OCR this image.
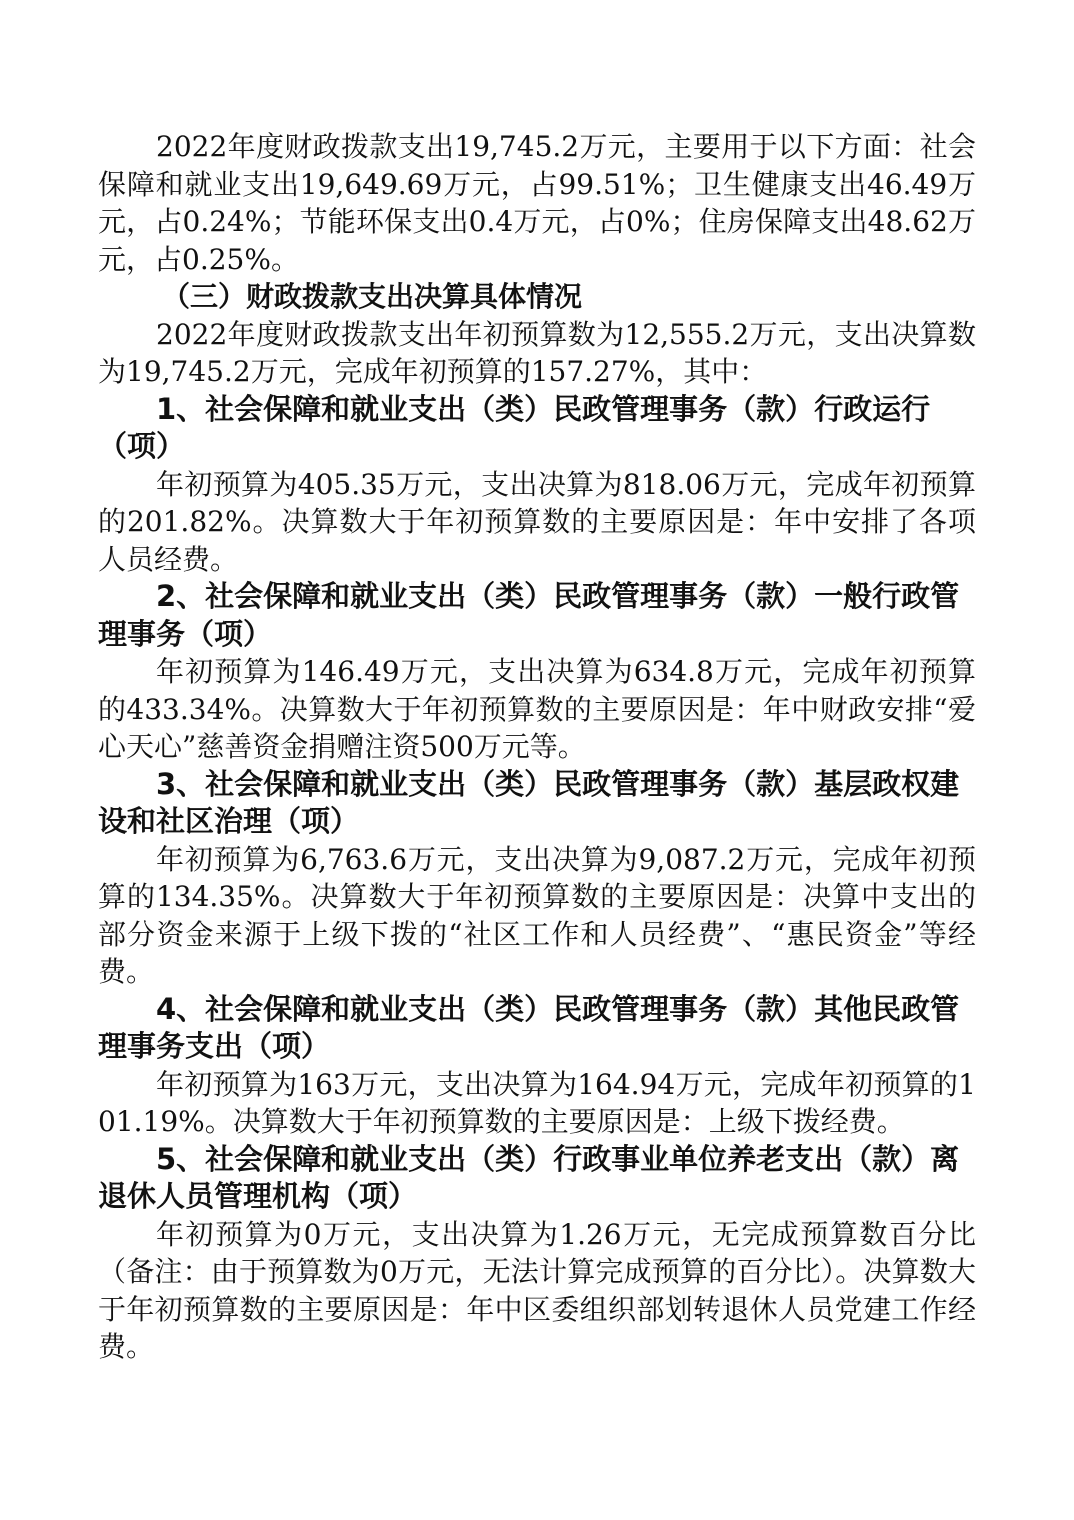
2022年度财政拨款支出19,745.2万元，主要用于以下方面：社会保障和就业支出19,649.69万元，占99.51%；卫生健康支出46.49万元，占0.24%；节能环保支出0.4万元，占0%；住房保障支出48.62万元，占0.25%。

（三）财政拨款支出决算具体情况

2022年度财政拨款支出年初预算数为12,555.2万元，支出决算数为19,745.2万元，完成年初预算的157.27%，其中：

1、社会保障和就业支出（类）民政管理事务（款）行政运行（项）

年初预算为405.35万元，支出决算为818.06万元，完成年初预算的201.82%。决算数大于年初预算数的主要原因是：年中安排了各项人员经费。

2、社会保障和就业支出（类）民政管理事务（款）一般行政管理事务（项）

年初预算为146.49万元，支出决算为634.8万元，完成年初预算的433.34%。决算数大于年初预算数的主要原因是：年中财政安排“爱心天心”慈善资金捐赠注资500万元等。

3、社会保障和就业支出（类）民政管理事务（款）基层政权建设和社区治理（项）

年初预算为6,763.6万元，支出决算为9,087.2万元，完成年初预算的134.35%。决算数大于年初预算数的主要原因是：决算中支出的部分资金来源于上级下拨的“社区工作和人员经费”、“惠民资金”等经费。

4、社会保障和就业支出（类）民政管理事务（款）其他民政管理事务支出（项）

年初预算为163万元，支出决算为164.94万元，完成年初预算的101.19%。决算数大于年初预算数的主要原因是：上级下拨经费。

5、社会保障和就业支出（类）行政事业单位养老支出（款）离退休人员管理机构（项）

年初预算为0万元，支出决算为1.26万元，无完成预算数百分比（备注：由于预算数为0万元，无法计算完成预算的百分比）。决算数大于年初预算数的主要原因是：年中区委组织部划转退休人员党建工作经费。
